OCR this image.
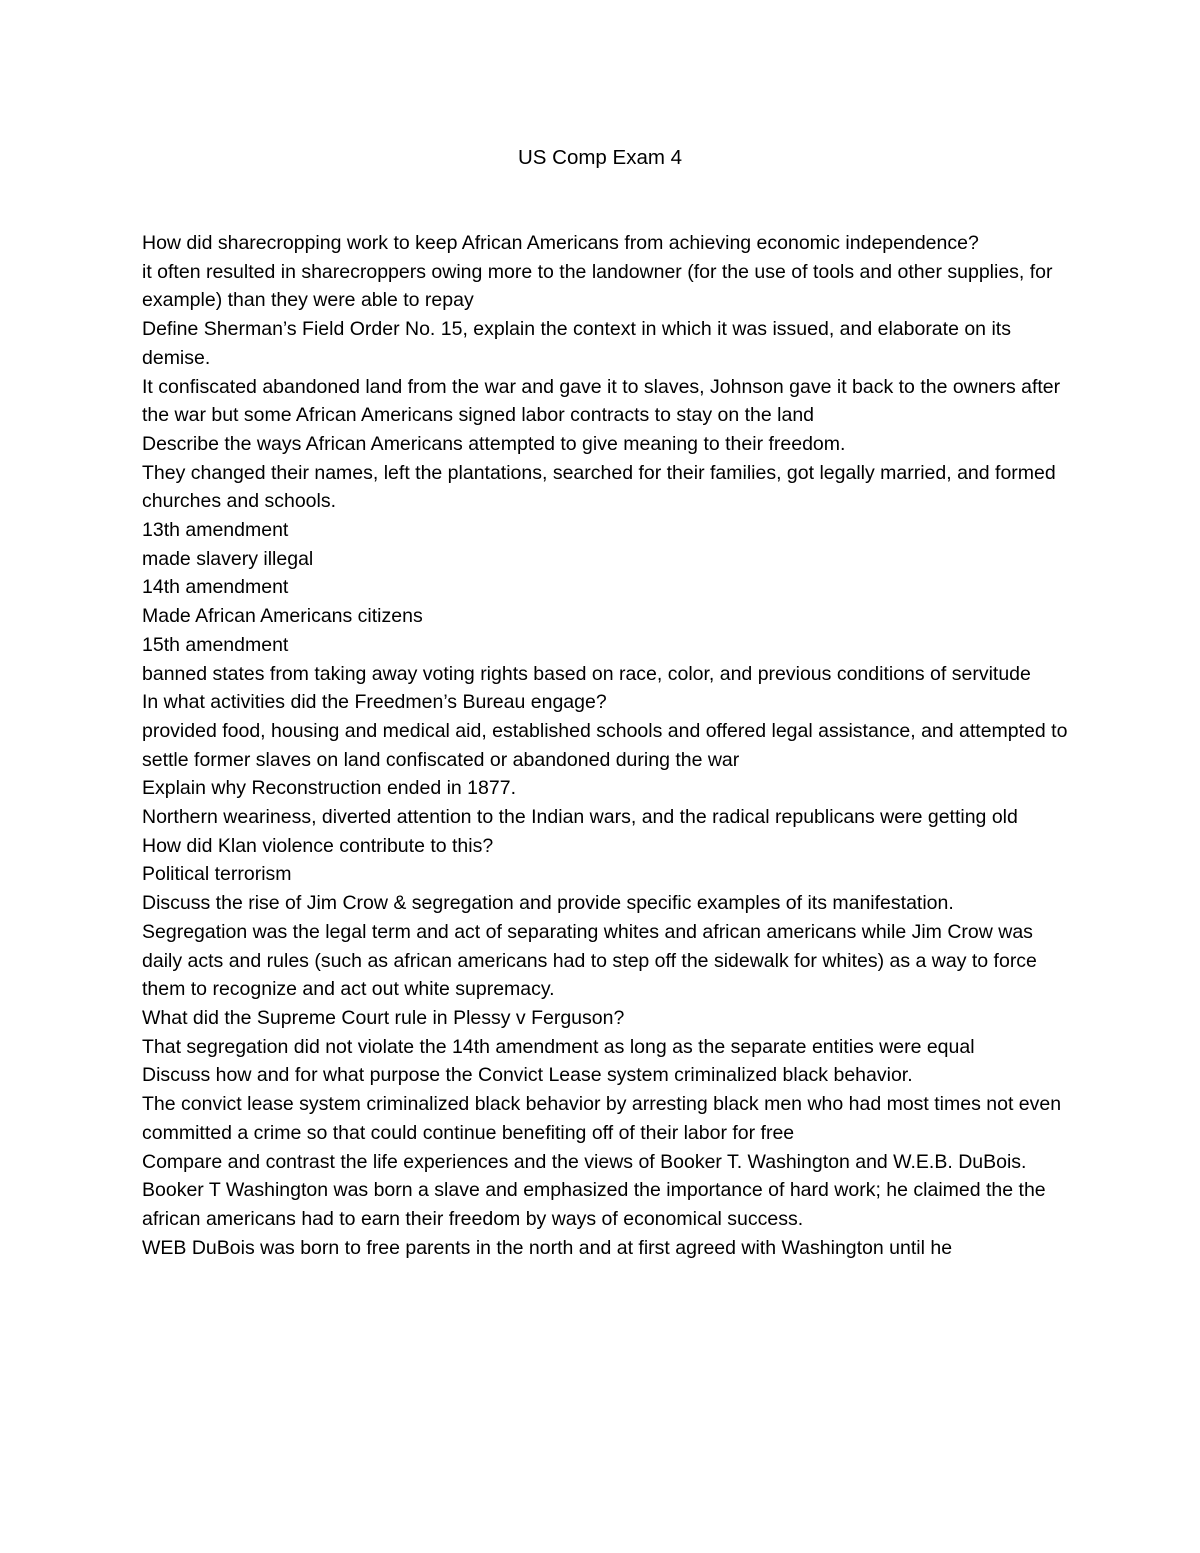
US Comp Exam 4

How did sharecropping work to keep African Americans from achieving economic independence?

it often resulted in sharecroppers owing more to the landowner (for the use of tools and other supplies, for example) than they were able to repay

Define Sherman’s Field Order No. 15, explain the context in which it was issued, and elaborate on its demise.

It confiscated abandoned land from the war and gave it to slaves, Johnson gave it back to the owners after the war but some African Americans signed labor contracts to stay on the land

Describe the ways African Americans attempted to give meaning to their freedom.

They changed their names, left the plantations, searched for their families, got legally married, and formed churches and schools.

13th amendment

made slavery illegal

14th amendment

Made African Americans citizens

15th amendment

banned states from taking away voting rights based on race, color, and previous conditions of servitude

In what activities did the Freedmen’s Bureau engage?

provided food, housing and medical aid, established schools and offered legal assistance, and attempted to settle former slaves on land confiscated or abandoned during the war

Explain why Reconstruction ended in 1877.

Northern weariness, diverted attention to the Indian wars, and the radical republicans were getting old

How did Klan violence contribute to this?

Political terrorism

Discuss the rise of Jim Crow & segregation and provide specific examples of its manifestation.

Segregation was the legal term and act of separating whites and african americans while Jim Crow was daily acts and rules (such as african americans had to step off the sidewalk for whites) as a way to force them to recognize and act out white supremacy.

What did the Supreme Court rule in Plessy v Ferguson?

That segregation did not violate the 14th amendment as long as the separate entities were equal

Discuss how and for what purpose the Convict Lease system criminalized black behavior.

The convict lease system criminalized black behavior by arresting black men who had most times not even committed a crime so that could continue benefiting off of their labor for free

Compare and contrast the life experiences and the views of Booker T. Washington and W.E.B. DuBois.

Booker T Washington was born a slave and emphasized the importance of hard work; he claimed the the african americans had to earn their freedom by ways of economical success.

WEB DuBois was born to free parents in the north and at first agreed with Washington until he
